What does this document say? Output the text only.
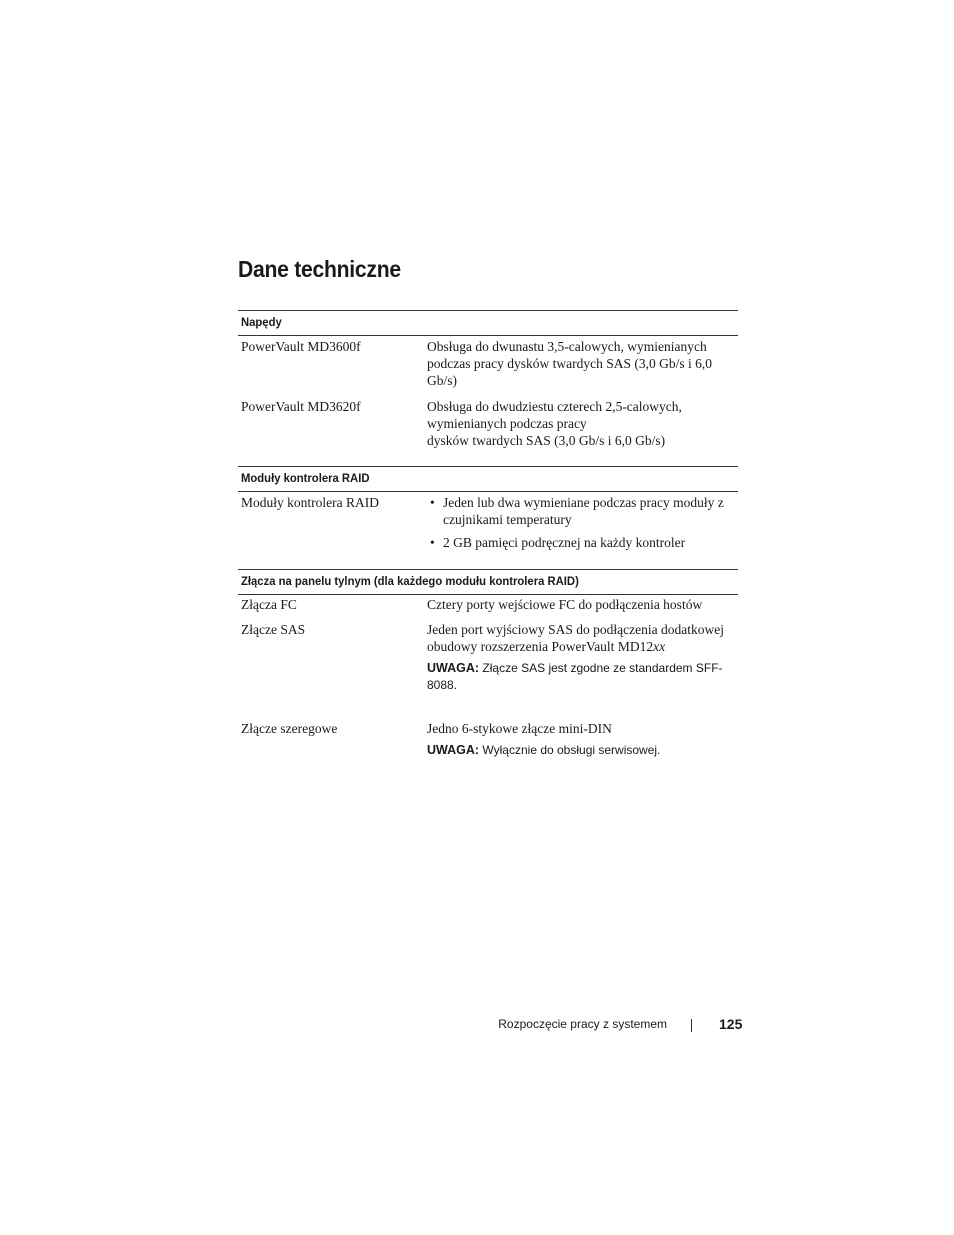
Dane techniczne
Napędy
PowerVault MD3600f	Obsługa do dwunastu 3,5-calowych, wymienianych podczas pracy dysków twardych SAS (3,0 Gb/s i 6,0 Gb/s)
PowerVault MD3620f	Obsługa do dwudziestu czterech 2,5-calowych, wymienianych podczas pracy
dysków twardych SAS (3,0 Gb/s i 6,0 Gb/s)
Moduły kontrolera RAID
Moduły kontrolera RAID	• Jeden lub dwa wymieniane podczas pracy moduły z czujnikami temperatury
• 2 GB pamięci podręcznej na każdy kontroler
Złącza na panelu tylnym (dla każdego modułu kontrolera RAID)
Złącza FC	Cztery porty wejściowe FC do podłączenia hostów
Złącze SAS	Jeden port wyjściowy SAS do podłączenia dodatkowej obudowy rozszerzenia PowerVault MD12xx
UWAGA: Złącze SAS jest zgodne ze standardem SFF-8088.
Złącze szeregowe	Jedno 6-stykowe złącze mini-DIN
UWAGA: Wyłącznie do obsługi serwisowej.
Rozpoczęcie pracy z systemem	125
